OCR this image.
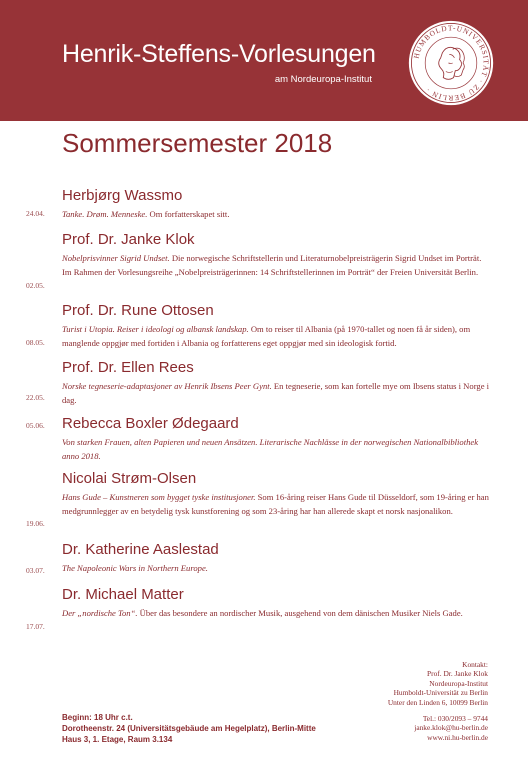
Henrik-Steffens-Vorlesungen
am Nordeuropa-Institut
HUMBOLDT-UNIVERSITÄT · ZU BERLIN ·
Sommersemester 2018
Herbjørg Wassmo
Tanke. Drøm. Menneske. Om forfatterskapet sitt.
24.04.
Prof. Dr. Janke Klok
Nobelprisvinner Sigrid Undset. Die norwegische Schriftstellerin und Literaturnobelpreisträgerin Sigrid Undset im Porträt. Im Rahmen der Vorlesungsreihe „Nobelpreisträgerinnen: 14 Schriftstellerinnen im Porträt“ der Freien Universität Berlin.
02.05.
Prof. Dr. Rune Ottosen
Turist i Utopia. Reiser i ideologi og albansk landskap. Om to reiser til Albania (på 1970-tallet og noen få år siden), om manglende oppgjør med fortiden i Albania og forfatterens eget oppgjør med sin ideologisk fortid.
08.05.
Prof. Dr. Ellen Rees
Norske tegneserie-adaptasjoner av Henrik Ibsens Peer Gynt. En tegneserie, som kan fortelle mye om Ibsens status i Norge i dag.
22.05.
Rebecca Boxler Ødegaard
Von starken Frauen, alten Papieren und neuen Ansätzen. Literarische Nachlässe in der norwegischen Nationalbibliothek anno 2018.
05.06.
Nicolai Strøm-Olsen
Hans Gude – Kunstneren som bygget tyske institusjoner. Som 16-åring reiser Hans Gude til Düsseldorf, som 19-åring er han medgrunnlegger av en betydelig tysk kunstforening og som 23-åring har han allerede skapt et norsk nasjonalikon.
19.06.
Dr. Katherine Aaslestad
The Napoleonic Wars in Northern Europe.
03.07.
Dr. Michael Matter
Der „nordische Ton“. Über das besondere an nordischer Musik, ausgehend von dem dänischen Musiker Niels Gade.
17.07.
Kontakt:
Prof. Dr. Janke Klok
Nordeuropa-Institut
Humboldt-Universität zu Berlin
Unter den Linden 6, 10099 Berlin
Tel.: 030/2093 – 9744
janke.klok@hu-berlin.de
www.ni.hu-berlin.de
Beginn: 18 Uhr c.t.
Dorotheenstr. 24 (Universitätsgebäude am Hegelplatz), Berlin-Mitte
Haus 3, 1. Etage, Raum 3.134
